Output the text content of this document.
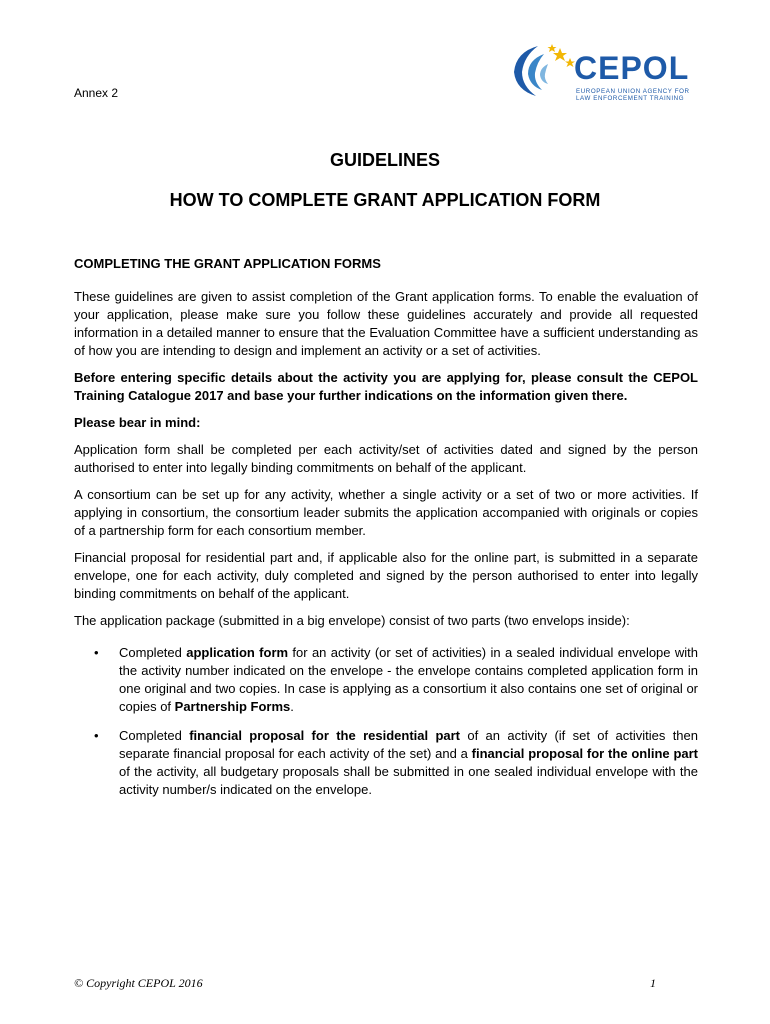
Annex 2
CEPOL
EUROPEAN UNION AGENCY FOR
LAW ENFORCEMENT TRAINING
GUIDELINES
HOW TO COMPLETE GRANT APPLICATION FORM
COMPLETING THE GRANT APPLICATION FORMS

These guidelines are given to assist completion of the Grant application forms. To enable the evaluation of your application, please make sure you follow these guidelines accurately and provide all requested information in a detailed manner to ensure that the Evaluation Committee have a sufficient understanding as of how you are intending to design and implement an activity or a set of activities.

Before entering specific details about the activity you are applying for, please consult the CEPOL Training Catalogue 2017 and base your further indications on the information given there.

Please bear in mind:

Application form shall be completed per each activity/set of activities dated and signed by the person authorised to enter into legally binding commitments on behalf of the applicant.

A consortium can be set up for any activity, whether a single activity or a set of two or more activities. If applying in consortium, the consortium leader submits the application accompanied with originals or copies of a partnership form for each consortium member.

Financial proposal for residential part and, if applicable also for the online part, is submitted in a separate envelope, one for each activity, duly completed and signed by the person authorised to enter into legally binding commitments on behalf of the applicant.

The application package (submitted in a big envelope) consist of two parts (two envelops inside):

• Completed application form for an activity (or set of activities) in a sealed individual envelope with the activity number indicated on the envelope - the envelope contains completed application form in one original and two copies. In case is applying as a consortium it also contains one set of original or copies of Partnership Forms.
• Completed financial proposal for the residential part of an activity (if set of activities then separate financial proposal for each activity of the set) and a financial proposal for the online part of the activity, all budgetary proposals shall be submitted in one sealed individual envelope with the activity number/s indicated on the envelope.
© Copyright CEPOL 2016	1
